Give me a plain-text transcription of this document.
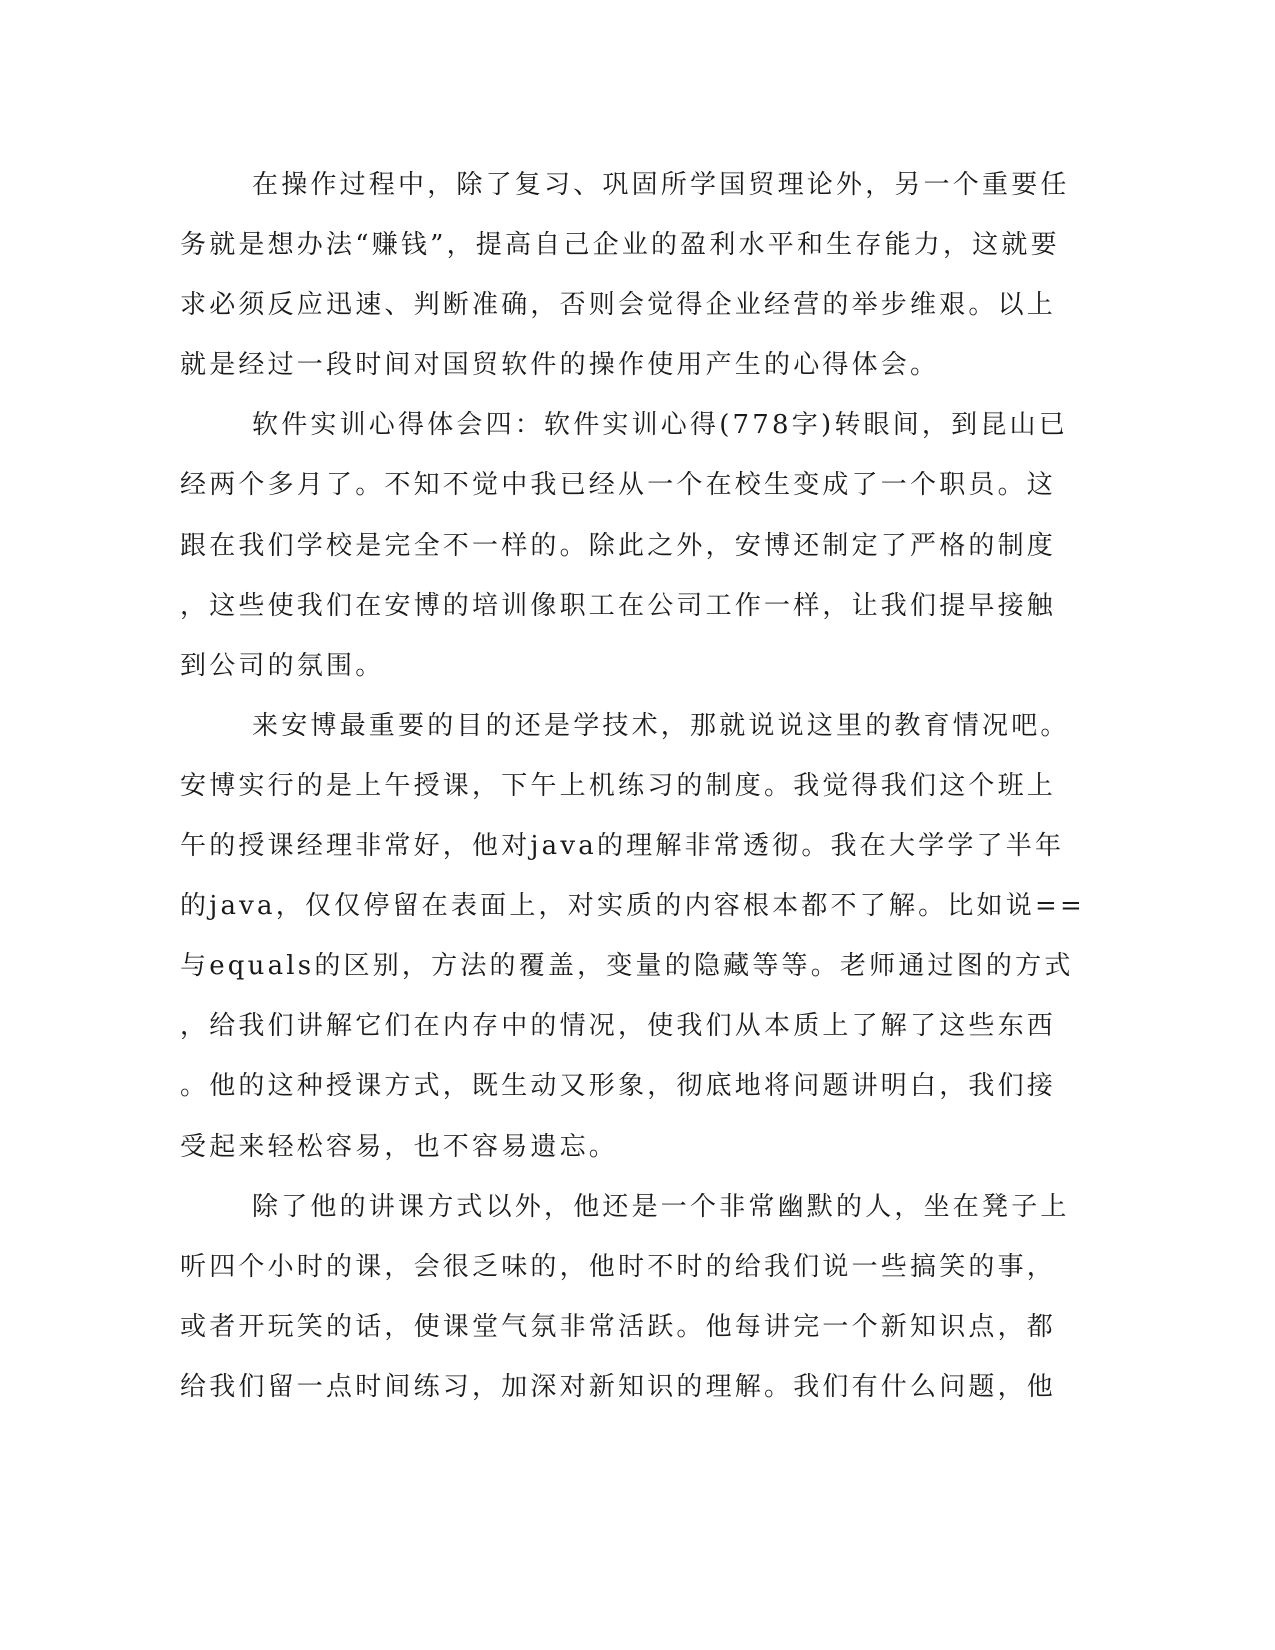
在操作过程中，除了复习、巩固所学国贸理论外，另一个重要任
务就是想办法“赚钱”，提高自己企业的盈利水平和生存能力，这就要
求必须反应迅速、判断准确，否则会觉得企业经营的举步维艰。以上
就是经过一段时间对国贸软件的操作使用产生的心得体会。
软件实训心得体会四：软件实训心得(778字)转眼间，到昆山已
经两个多月了。不知不觉中我已经从一个在校生变成了一个职员。这
跟在我们学校是完全不一样的。除此之外，安博还制定了严格的制度
，这些使我们在安博的培训像职工在公司工作一样，让我们提早接触
到公司的氛围。
来安博最重要的目的还是学技术，那就说说这里的教育情况吧。
安博实行的是上午授课，下午上机练习的制度。我觉得我们这个班上
午的授课经理非常好，他对java的理解非常透彻。我在大学学了半年
的java，仅仅停留在表面上，对实质的内容根本都不了解。比如说==
与equals的区别，方法的覆盖，变量的隐藏等等。老师通过图的方式
，给我们讲解它们在内存中的情况，使我们从本质上了解了这些东西
。他的这种授课方式，既生动又形象，彻底地将问题讲明白，我们接
受起来轻松容易，也不容易遗忘。
除了他的讲课方式以外，他还是一个非常幽默的人，坐在凳子上
听四个小时的课，会很乏味的，他时不时的给我们说一些搞笑的事，
或者开玩笑的话，使课堂气氛非常活跃。他每讲完一个新知识点，都
给我们留一点时间练习，加深对新知识的理解。我们有什么问题，他
